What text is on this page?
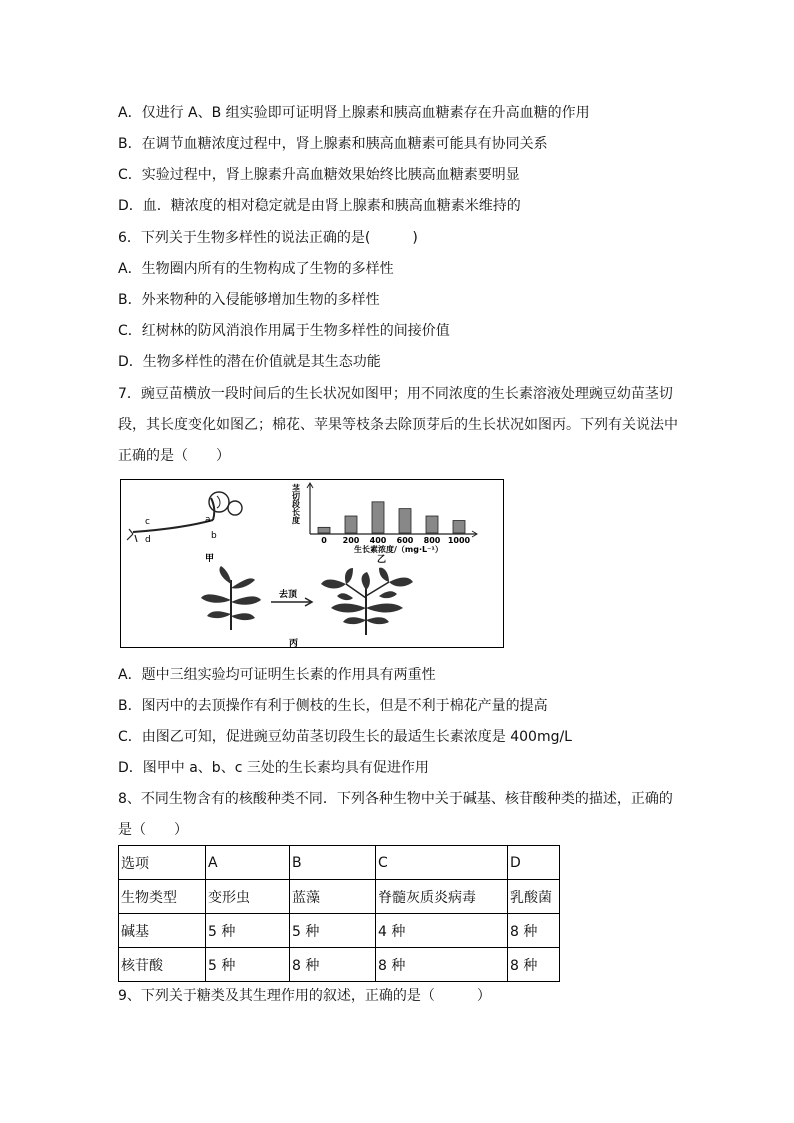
A．仅进行 A、B 组实验即可证明肾上腺素和胰高血糖素存在升高血糖的作用
B．在调节血糖浓度过程中，肾上腺素和胰高血糖素可能具有协同关系
C．实验过程中，肾上腺素升高血糖效果始终比胰高血糖素要明显
D．血．糖浓度的相对稳定就是由肾上腺素和胰高血糖素米维持的
6．下列关于生物多样性的说法正确的是(　　　)
A．生物圈内所有的生物构成了生物的多样性
B．外来物种的入侵能够增加生物的多样性
C．红树林的防风消浪作用属于生物多样性的间接价值
D．生物多样性的潜在价值就是其生态功能
7．豌豆苗横放一段时间后的生长状况如图甲；用不同浓度的生长素溶液处理豌豆幼苗茎切
段，其长度变化如图乙；棉花、苹果等枝条去除顶芽后的生长状况如图丙。下列有关说法中
正确的是（　　）
c
d
a
b
甲
茎切段长度
0 200 400 600 800 1000
生长素浓度/（mg·L⁻¹）
乙
去顶
丙
A．题中三组实验均可证明生长素的作用具有两重性
B．图丙中的去顶操作有利于侧枝的生长，但是不利于棉花产量的提高
C．由图乙可知，促进豌豆幼苗茎切段生长的最适生长素浓度是 400mg/L
D．图甲中 a、b、c 三处的生长素均具有促进作用
8、不同生物含有的核酸种类不同．下列各种生物中关于碱基、核苷酸种类的描述，正确的
是（　　）
选项	A	B	C	D
生物类型	变形虫	蓝藻	脊髓灰质炎病毒	乳酸菌
碱基	5 种	5 种	4 种	8 种
核苷酸	5 种	8 种	8 种	8 种
9、下列关于糖类及其生理作用的叙述，正确的是（　　　）
